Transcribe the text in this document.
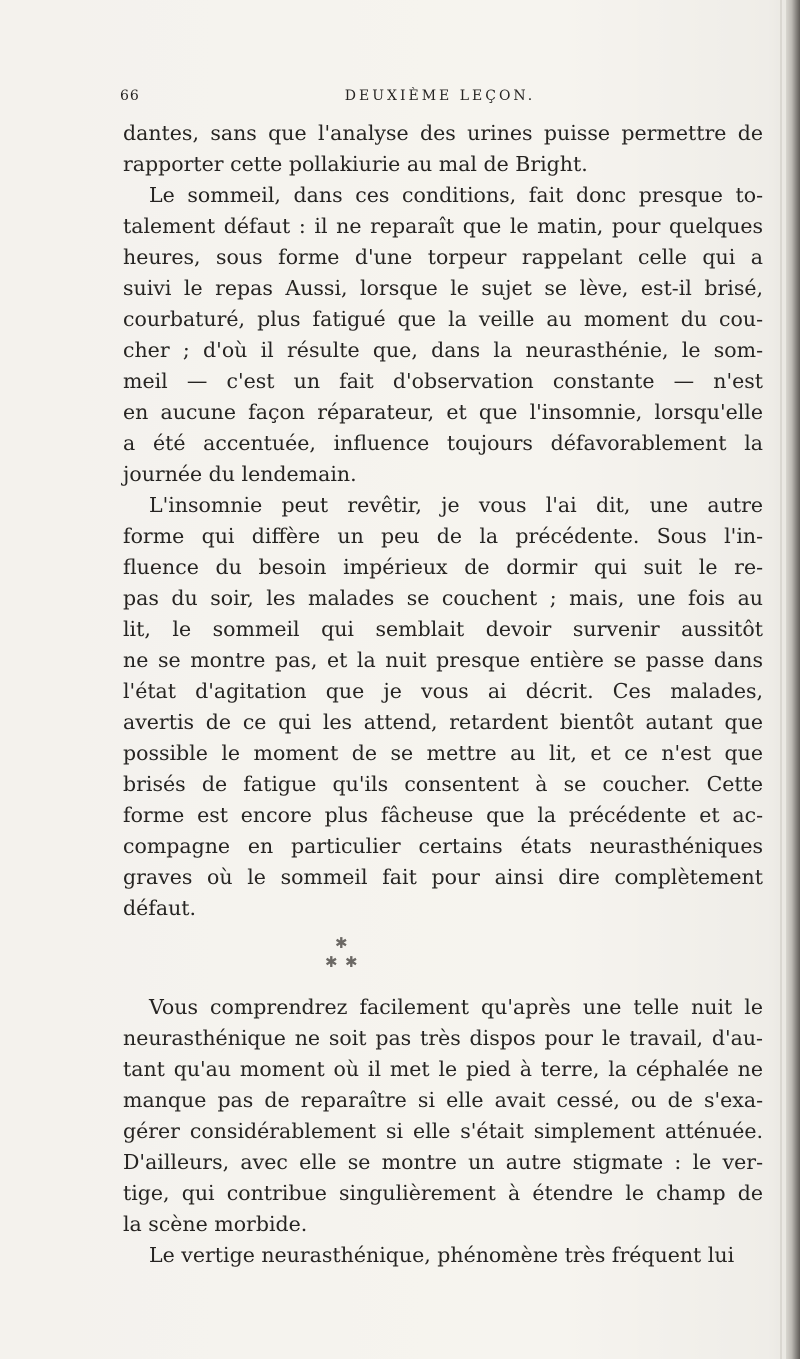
66	DEUXIÈME LEÇON.
dantes, sans que l'analyse des urines puisse permettre de
rapporter cette pollakiurie au mal de Bright.
Le sommeil, dans ces conditions, fait donc presque to-
talement défaut : il ne reparaît que le matin, pour quelques
heures, sous forme d'une torpeur rappelant celle qui a
suivi le repas Aussi, lorsque le sujet se lève, est-il brisé,
courbaturé, plus fatigué que la veille au moment du cou-
cher ; d'où il résulte que, dans la neurasthénie, le som-
meil — c'est un fait d'observation constante — n'est
en aucune façon réparateur, et que l'insomnie, lorsqu'elle
a été accentuée, influence toujours défavorablement la
journée du lendemain.
L'insomnie peut revêtir, je vous l'ai dit, une autre
forme qui diffère un peu de la précédente. Sous l'in-
fluence du besoin impérieux de dormir qui suit le re-
pas du soir, les malades se couchent ; mais, une fois au
lit, le sommeil qui semblait devoir survenir aussitôt
ne se montre pas, et la nuit presque entière se passe dans
l'état d'agitation que je vous ai décrit. Ces malades,
avertis de ce qui les attend, retardent bientôt autant que
possible le moment de se mettre au lit, et ce n'est que
brisés de fatigue qu'ils consentent à se coucher. Cette
forme est encore plus fâcheuse que la précédente et ac-
compagne en particulier certains états neurasthéniques
graves où le sommeil fait pour ainsi dire complètement
défaut.
✱
✱ ✱
Vous comprendrez facilement qu'après une telle nuit le
neurasthénique ne soit pas très dispos pour le travail, d'au-
tant qu'au moment où il met le pied à terre, la céphalée ne
manque pas de reparaître si elle avait cessé, ou de s'exa-
gérer considérablement si elle s'était simplement atténuée.
D'ailleurs, avec elle se montre un autre stigmate : le ver-
tige, qui contribue singulièrement à étendre le champ de
la scène morbide.
Le vertige neurasthénique, phénomène très fréquent lui
